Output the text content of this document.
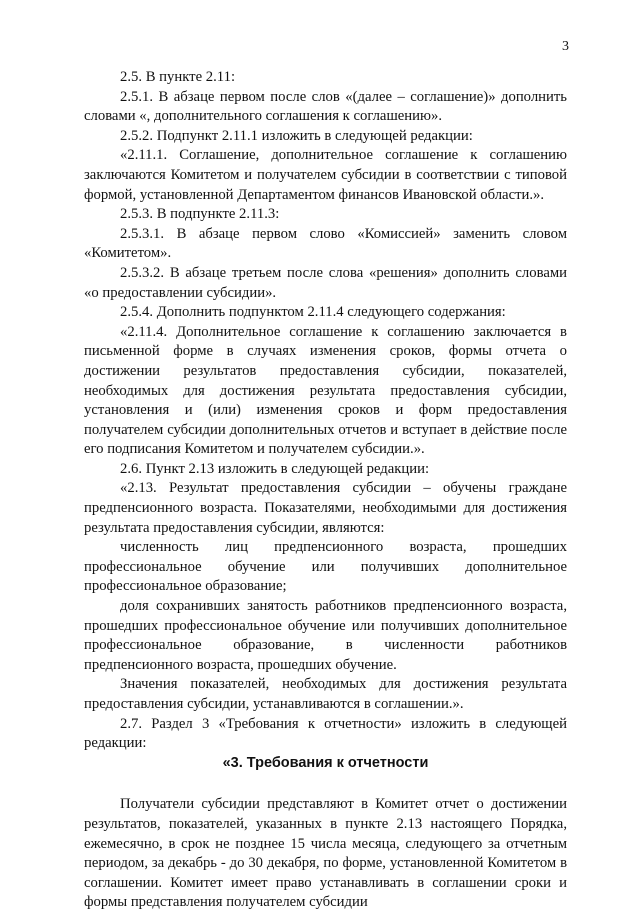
3

2.5. В пункте 2.11:

2.5.1. В абзаце первом после слов «(далее – соглашение)» дополнить словами «, дополнительного соглашения к соглашению».

2.5.2. Подпункт 2.11.1 изложить в следующей редакции:

«2.11.1. Соглашение, дополнительное соглашение к соглашению заключаются Комитетом и получателем субсидии в соответствии с типовой формой, установленной Департаментом финансов Ивановской области.».

2.5.3. В подпункте 2.11.3:

2.5.3.1. В абзаце первом слово «Комиссией» заменить словом «Комитетом».

2.5.3.2. В абзаце третьем после слова «решения» дополнить словами «о предоставлении субсидии».

2.5.4. Дополнить подпунктом 2.11.4 следующего содержания:

«2.11.4. Дополнительное соглашение к соглашению заключается в письменной форме в случаях изменения сроков, формы отчета о достижении результатов предоставления субсидии, показателей, необходимых для достижения результата предоставления субсидии, установления и (или) изменения сроков и форм предоставления получателем субсидии дополнительных отчетов и вступает в действие после его подписания Комитетом и получателем субсидии.».

2.6. Пункт 2.13 изложить в следующей редакции:

«2.13. Результат предоставления субсидии – обучены граждане предпенсионного возраста. Показателями, необходимыми для достижения результата предоставления субсидии, являются:

численность лиц предпенсионного возраста, прошедших профессиональное обучение или получивших дополнительное профессиональное образование;

доля сохранивших занятость работников предпенсионного возраста, прошедших профессиональное обучение или получивших дополнительное профессиональное образование, в численности работников предпенсионного возраста, прошедших обучение.

Значения показателей, необходимых для достижения результата предоставления субсидии, устанавливаются в соглашении.».

2.7. Раздел 3 «Требования к отчетности» изложить в следующей редакции:

«3. Требования к отчетности

Получатели субсидии представляют в Комитет отчет о достижении результатов, показателей, указанных в пункте 2.13 настоящего Порядка, ежемесячно, в срок не позднее 15 числа месяца, следующего за отчетным периодом, за декабрь - до 30 декабря, по форме, установленной Комитетом в соглашении. Комитет имеет право устанавливать в соглашении сроки и формы представления получателем субсидии
